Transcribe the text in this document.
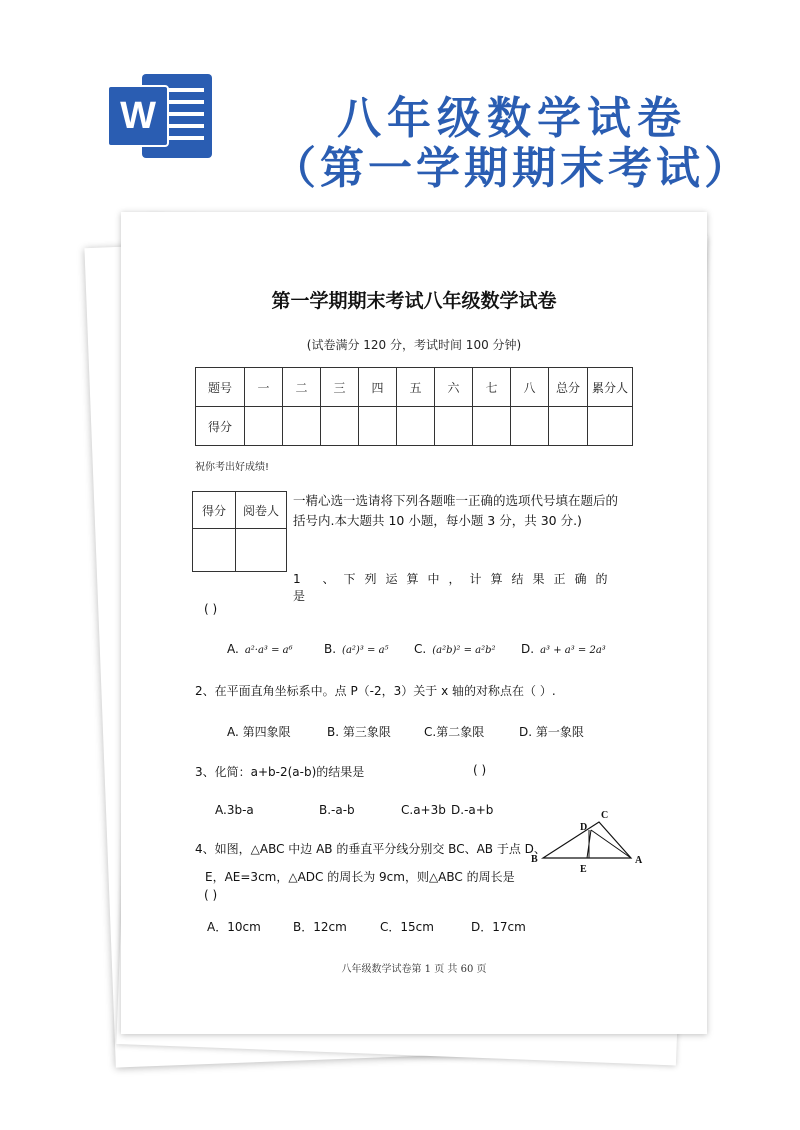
W	八年级数学试卷
（第一学期期末考试）
第一学期期末考试八年级数学试卷
(试卷满分 120 分，考试时间 100 分钟)
题号	一	二	三	四	五	六	七	八	总分	累分人
得分										
祝你考出好成绩!
得分	阅卷人

一精心选一选请将下列各题唯一正确的选项代号填在题后的括号内.本大题共 10 小题，每小题 3 分，共 30 分.)
1 、下列运算中，计算结果正确的是
( )
A. a²·a³ = a⁶	B. (a²)³ = a⁵ C. (a²b)² = a²b² D. a³ + a³ = 2a³
2、在平面直角坐标系中。点 P（-2，3）关于 x 轴的对称点在（ ）.
A. 第四象限	B. 第三象限	C.第二象限	D. 第一象限
3、化简：a+b-2(a-b)的结果是	( )
A.3b-a	B.-a-b	C.a+3b D.-a+b
4、如图，△ABC 中边 AB 的垂直平分线分别交 BC、AB 于点 D、
E，AE=3cm，△ADC 的周长为 9cm，则△ABC 的周长是
( )
A．10cm	B．12cm	C．15cm	D．17cm
B	A
C
D
E
八年级数学试卷第 1 页 共 60 页
